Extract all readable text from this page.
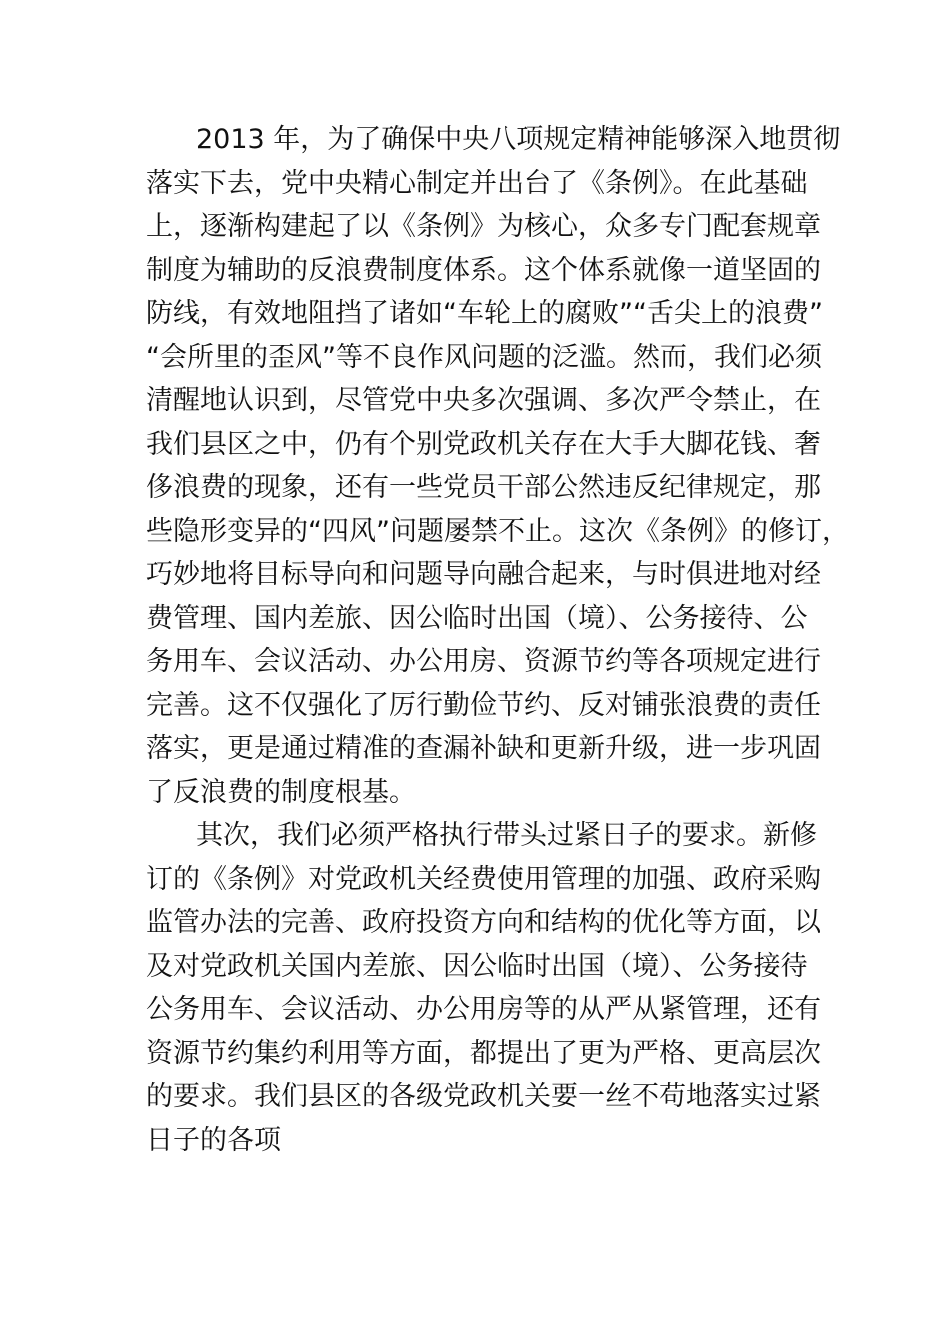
2013 年，为了确保中央八项规定精神能够深入地贯彻
落实下去，党中央精心制定并出台了《条例》。在此基础
上，逐渐构建起了以《条例》为核心，众多专门配套规章
制度为辅助的反浪费制度体系。这个体系就像一道坚固的
防线，有效地阻挡了诸如“车轮上的腐败”“舌尖上的浪费”
“会所里的歪风”等不良作风问题的泛滥。然而，我们必须
清醒地认识到，尽管党中央多次强调、多次严令禁止，在
我们县区之中，仍有个别党政机关存在大手大脚花钱、奢
侈浪费的现象，还有一些党员干部公然违反纪律规定，那
些隐形变异的“四风”问题屡禁不止。这次《条例》的修订，
巧妙地将目标导向和问题导向融合起来，与时俱进地对经
费管理、国内差旅、因公临时出国（境）、公务接待、公
务用车、会议活动、办公用房、资源节约等各项规定进行
完善。这不仅强化了厉行勤俭节约、反对铺张浪费的责任
落实，更是通过精准的查漏补缺和更新升级，进一步巩固
了反浪费的制度根基。
其次，我们必须严格执行带头过紧日子的要求。新修
订的《条例》对党政机关经费使用管理的加强、政府采购
监管办法的完善、政府投资方向和结构的优化等方面，以
及对党政机关国内差旅、因公临时出国（境）、公务接待
公务用车、会议活动、办公用房等的从严从紧管理，还有
资源节约集约利用等方面，都提出了更为严格、更高层次
的要求。我们县区的各级党政机关要一丝不苟地落实过紧
日子的各项
